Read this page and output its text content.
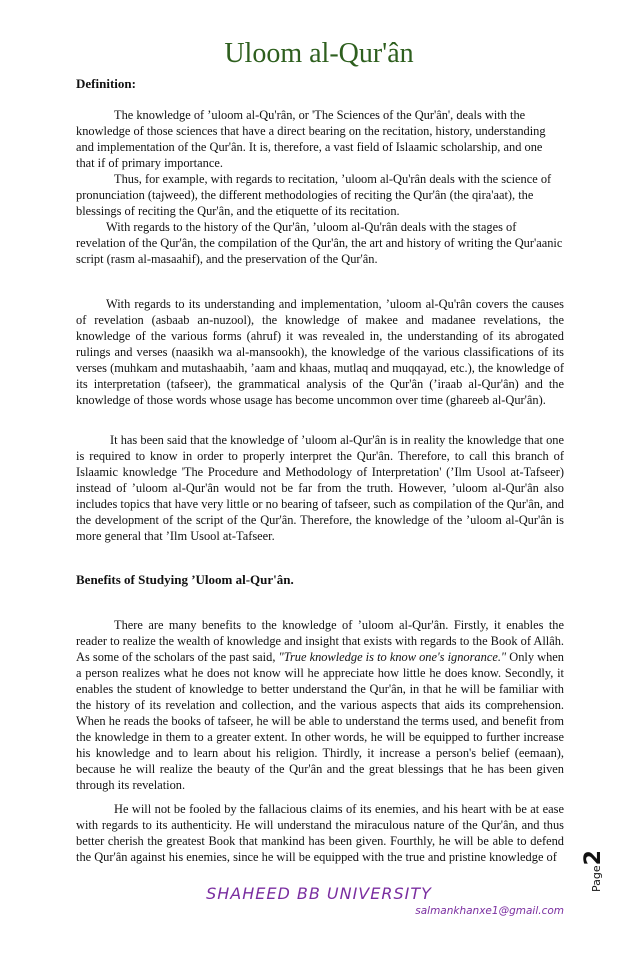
Uloom al-Qur'ân
Definition:

The knowledge of ’uloom al-Qu'rân, or 'The Sciences of the Qur'ân', deals with the knowledge of those sciences that have a direct bearing on the recitation, history, understanding and implementation of the Qur'ân. It is, therefore, a vast field of Islaamic scholarship, and one that if of primary importance.

Thus, for example, with regards to recitation, ’uloom al-Qu'rân deals with the science of pronunciation (tajweed), the different methodologies of reciting the Qur'ân (the qira'aat), the blessings of reciting the Qur'ân, and the etiquette of its recitation.

With regards to the history of the Qur'ân, ’uloom al-Qu'rân deals with the stages of revelation of the Qur'ân, the compilation of the Qur'ân, the art and history of writing the Qur'aanic script (rasm al-masaahif), and the preservation of the Qur'ân.

With regards to its understanding and implementation, ’uloom al-Qu'rân covers the causes of revelation (asbaab an-nuzool), the knowledge of makee and madanee revelations, the knowledge of the various forms (ahruf) it was revealed in, the understanding of its abrogated rulings and verses (naasikh wa al-mansookh), the knowledge of the various classifications of its verses (muhkam and mutashaabih, ’aam and khaas, mutlaq and muqqayad, etc.), the knowledge of its interpretation (tafseer), the grammatical analysis of the Qur'ân (’iraab al-Qur'ân) and the knowledge of those words whose usage has become uncommon over time (ghareeb al-Qur'ân).

It has been said that the knowledge of ’uloom al-Qur'ân is in reality the knowledge that one is required to know in order to properly interpret the Qur'ân. Therefore, to call this branch of Islaamic knowledge 'The Procedure and Methodology of Interpretation' (’Ilm Usool at-Tafseer) instead of ’uloom al-Qur'ân would not be far from the truth. However, ’uloom al-Qur'ân also includes topics that have very little or no bearing of tafseer, such as compilation of the Qur'ân, and the development of the script of the Qur'ân. Therefore, the knowledge of the ’uloom al-Qur'ân is more general that ’Ilm Usool at-Tafseer.

Benefits of Studying ’Uloom al-Qur'ân.

There are many benefits to the knowledge of ’uloom al-Qur'ân. Firstly, it enables the reader to realize the wealth of knowledge and insight that exists with regards to the Book of Allâh. As some of the scholars of the past said, "True knowledge is to know one's ignorance." Only when a person realizes what he does not know will he appreciate how little he does know. Secondly, it enables the student of knowledge to better understand the Qur'ân, in that he will be familiar with the history of its revelation and collection, and the various aspects that aids its comprehension. When he reads the books of tafseer, he will be able to understand the terms used, and benefit from the knowledge in them to a greater extent. In other words, he will be equipped to further increase his knowledge and to learn about his religion. Thirdly, it increase a person's belief (eemaan), because he will realize the beauty of the Qur'ân and the great blessings that he has been given through its revelation.

He will not be fooled by the fallacious claims of its enemies, and his heart with be at ease with regards to its authenticity. He will understand the miraculous nature of the Qur'ân, and thus better cherish the greatest Book that mankind has been given. Fourthly, he will be able to defend the Qur'ân against his enemies, since he will be equipped with the true and pristine knowledge of

SHAHEED BB UNIVERSITY
salmankhanxe1@gmail.com
Page2
